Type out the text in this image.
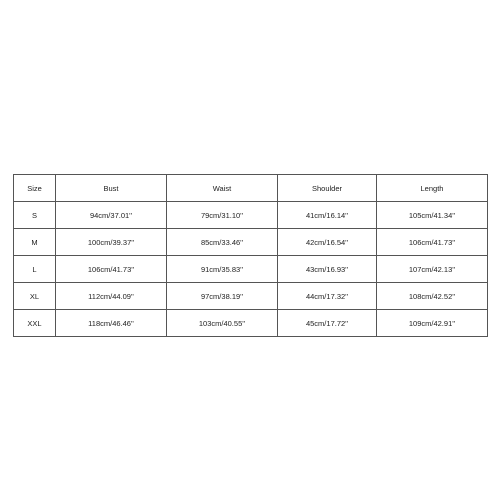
Size	Bust	Waist	Shoulder	Length
S	94cm/37.01''	79cm/31.10''	41cm/16.14''	105cm/41.34''
M	100cm/39.37''	85cm/33.46''	42cm/16.54''	106cm/41.73''
L	106cm/41.73''	91cm/35.83''	43cm/16.93''	107cm/42.13''
XL	112cm/44.09''	97cm/38.19''	44cm/17.32''	108cm/42.52''
XXL	118cm/46.46''	103cm/40.55''	45cm/17.72''	109cm/42.91''
